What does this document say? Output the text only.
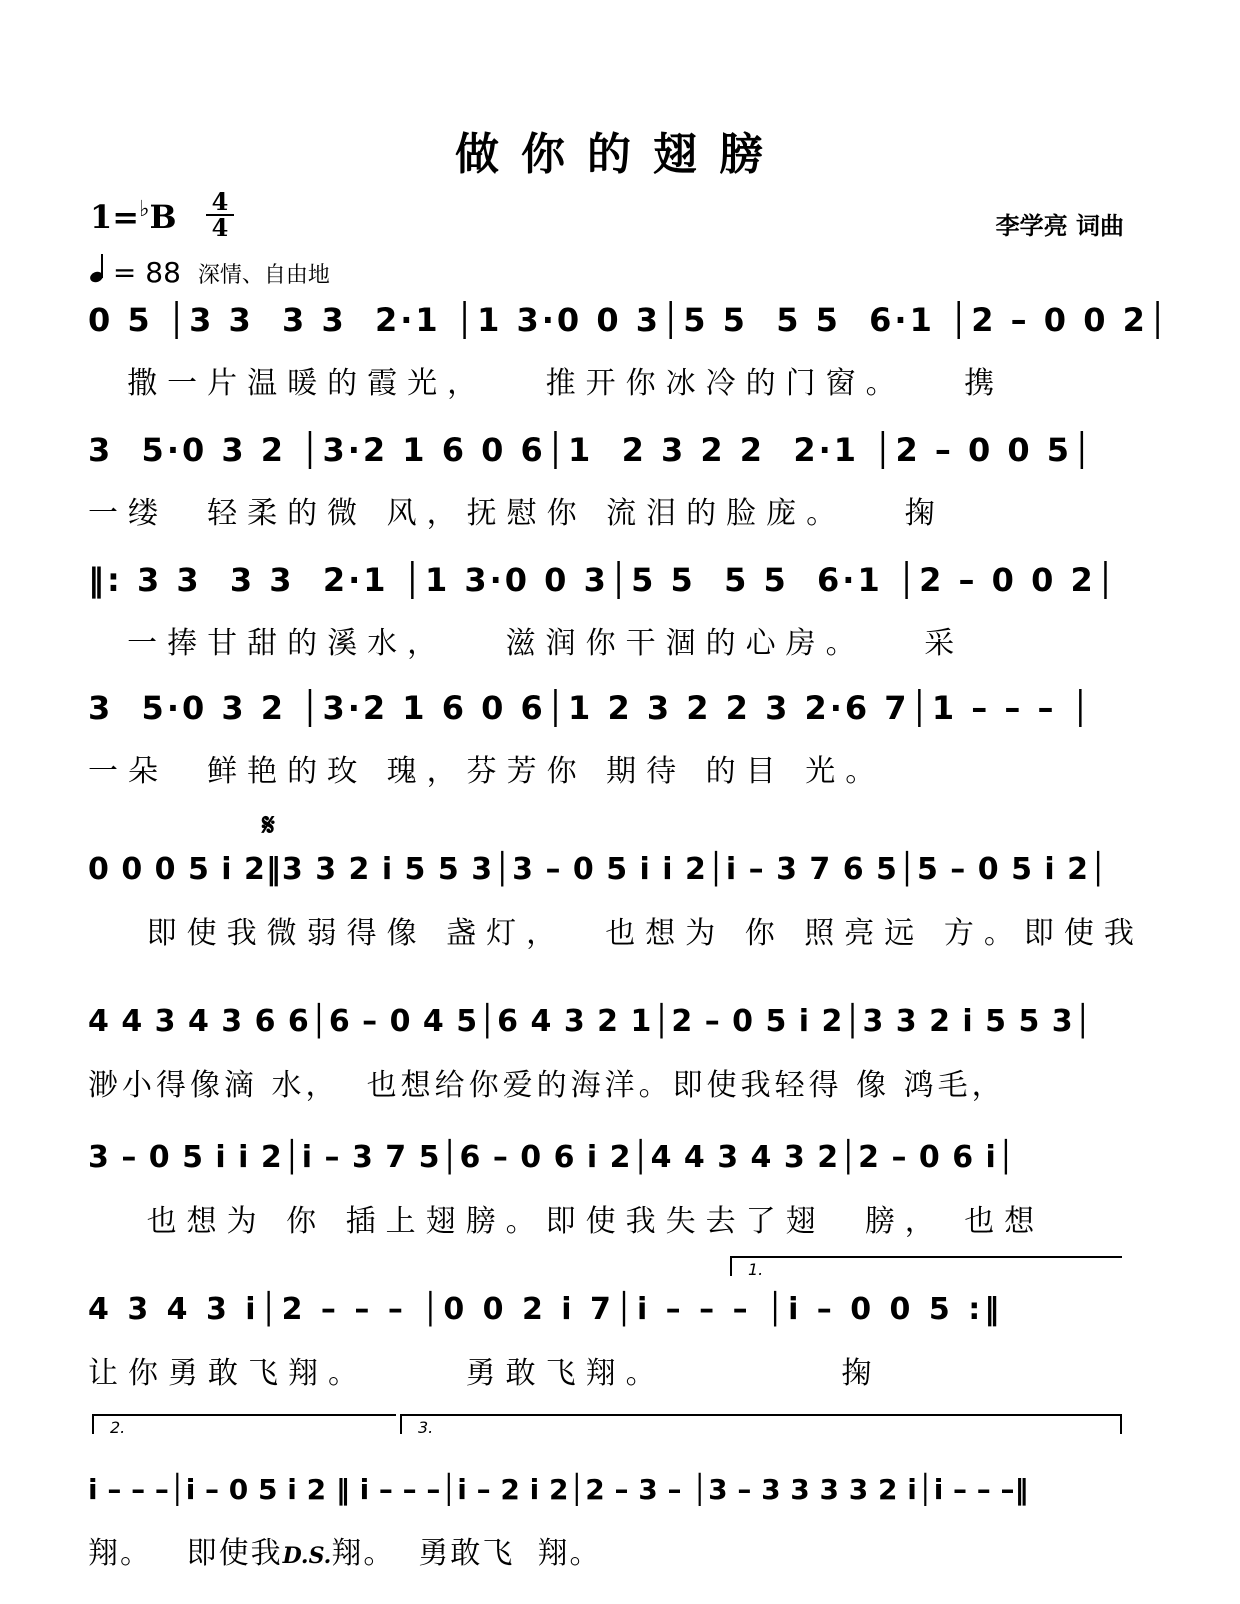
做你的翅膀
1=♭B 4
4
= 88 深情、自由地
李学亮 词曲
0 5 │3 3  3 3  2·1 │1 3·0 0 3│5 5  5 5  6·1 │2 – 0 0 2│
撒一片温暖的霞光，   推开你冰冷的门窗。   携
3  5·0 3 2 │3·2 1 6 0 6│1  2 3 2 2  2·1 │2 – 0 0 5│
一缕  轻柔的微 风，抚慰你 流泪的脸庞。   掬
‖: 3 3  3 3  2·1 │1 3·0 0 3│5 5  5 5  6·1 │2 – 0 0 2│
一捧甘甜的溪水，   滋润你干涸的心房。   采
3  5·0 3 2 │3·2 1 6 0 6│1 2 3 2 2 3 2·6 7│1 – – – │
一朵  鲜艳的玫 瑰，芬芳你 期待 的目 光。
𝄋
0 0 0 5 i 2‖3 3 2 i 5 5 3│3 – 0 5 i i 2│i – 3 7 6 5│5 – 0 5 i 2│
即使我微弱得像 盏灯，  也想为 你 照亮远 方。即使我
4 4 3 4 3 6 6│6 – 0 4 5│6 4 3 2 1│2 – 0 5 i 2│3 3 2 i 5 5 3│
渺小得像滴 水，  也想给你爱的海洋。即使我轻得 像 鸿毛，
3 – 0 5 i i 2│i – 3 7 5│6 – 0 6 i 2│4 4 3 4 3 2│2 – 0 6 i│
也想为 你 插上翅膀。即使我失去了翅  膀， 也想
1.
4 3 4 3 i│2 – – – │0 0 2 i 7│i – – – │i – 0 0 5 :‖
让你勇敢飞翔。     勇敢飞翔。         掬
2.	3.
i – – –│i – 0 5 i 2 ‖ i – – –│i – 2 i 2│2 – 3 – │3 – 3 3 3 3 2 i│i – – –‖
翔。   即使我D.S.翔。  勇敢飞  翔。
